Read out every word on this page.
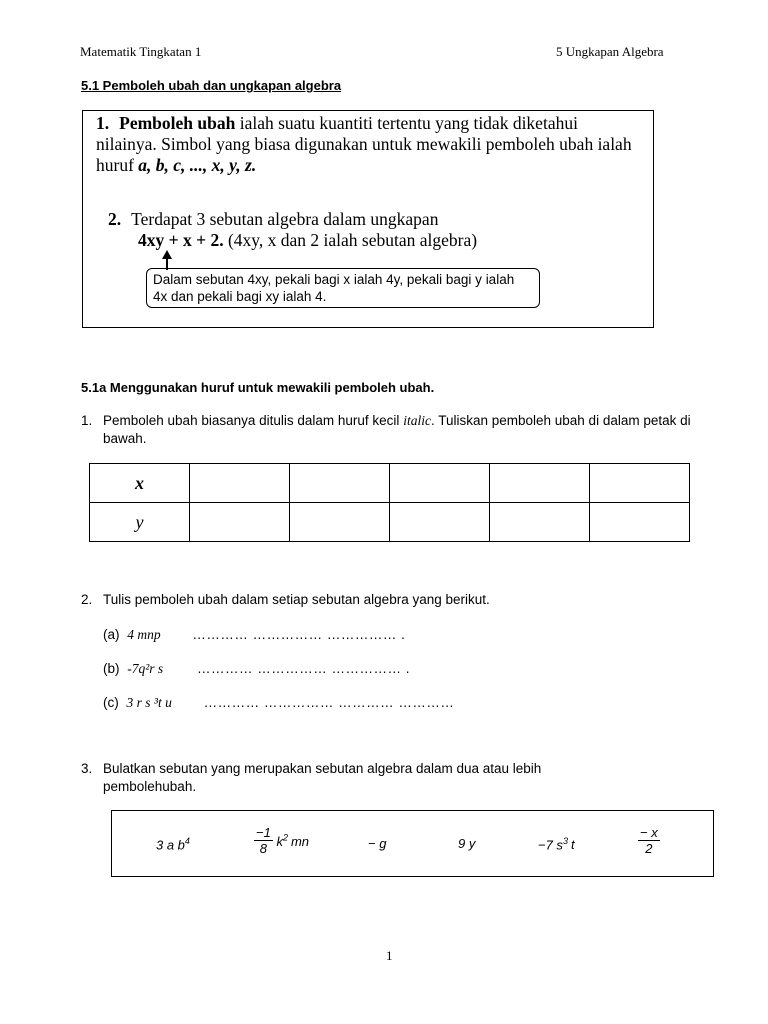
Matematik Tingkatan 1	5 Ungkapan Algebra
5.1 Pemboleh ubah dan ungkapan algebra
1. Pemboleh ubah ialah suatu kuantiti tertentu yang tidak diketahui nilainya. Simbol yang biasa digunakan untuk mewakili pemboleh ubah ialah huruf a, b, c, ..., x, y, z.
2. Terdapat 3 sebutan algebra dalam ungkapan
4xy + x + 2. (4xy, x dan 2 ialah sebutan algebra)
Dalam sebutan 4xy, pekali bagi x ialah 4y, pekali bagi y ialah 4x dan pekali bagi xy ialah 4.
5.1a Menggunakan huruf untuk mewakili pemboleh ubah.
1. Pemboleh ubah biasanya ditulis dalam huruf kecil italic. Tuliskan pemboleh ubah di dalam petak di bawah.
x					
y					
2. Tulis pemboleh ubah dalam setiap sebutan algebra yang berikut.
(a) 4 mnp ………… …………… …………… .
(b) -7q²r s	………… …………… …………… .
(c) 3 r s ³t u ………… …………… ………… …………
3. Bulatkan sebutan yang merupakan sebutan algebra dalam dua atau lebih pembolehubah.
3 a $b^4$	$\frac{-1}{8} k^2$ mn	− g	9 y	−7 $s^3$ t	$\frac{- x}{2}$
1
